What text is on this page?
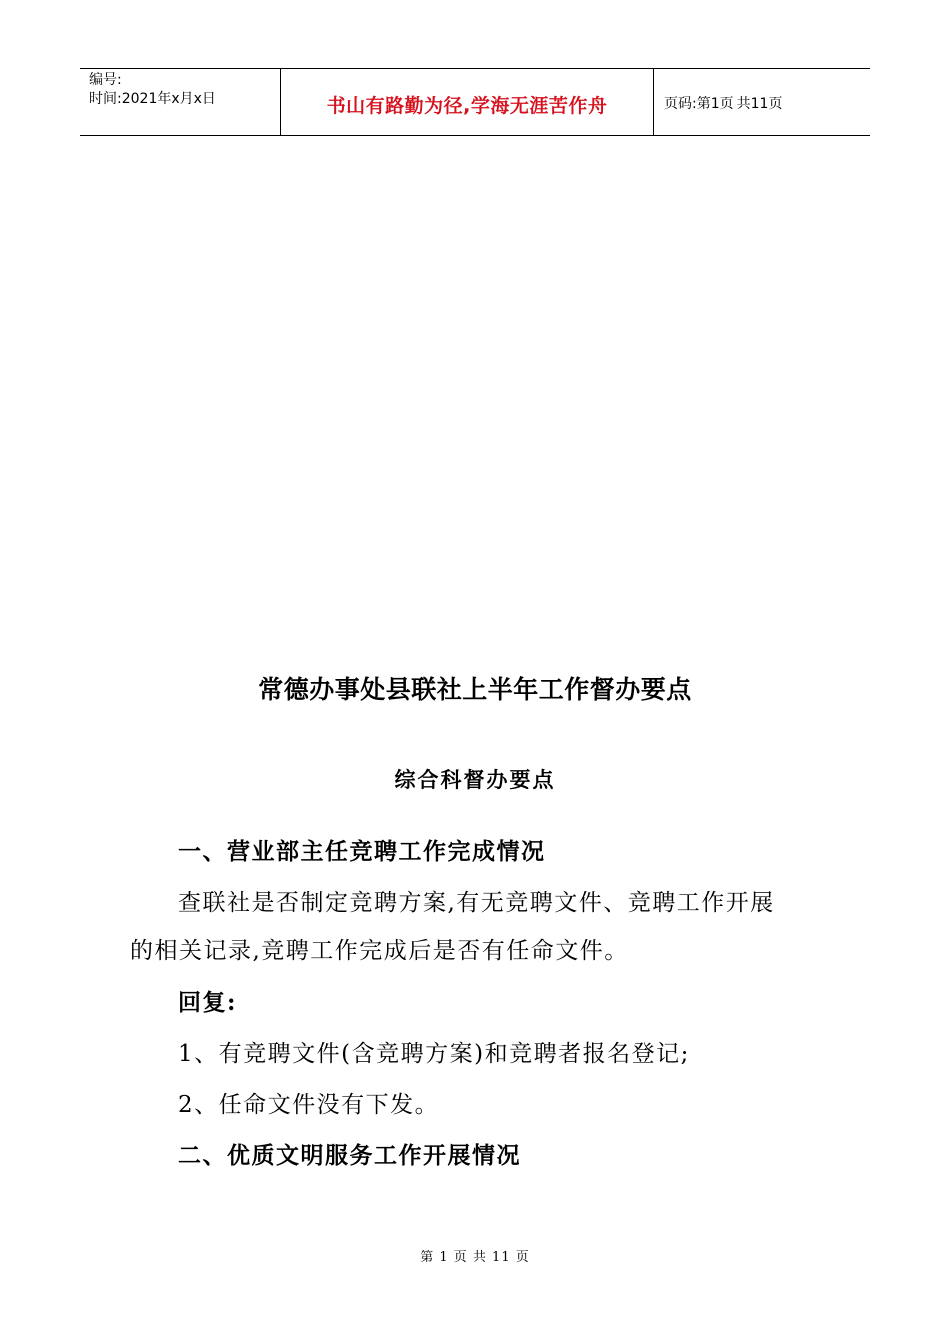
编号:
时间:2021年x月x日	书山有路勤为径,学海无涯苦作舟	页码:第1页 共11页
常德办事处县联社上半年工作督办要点
综合科督办要点
一、营业部主任竞聘工作完成情况
查联社是否制定竞聘方案,有无竞聘文件、竞聘工作开展
的相关记录,竞聘工作完成后是否有任命文件。
回复:
1、有竞聘文件(含竞聘方案)和竞聘者报名登记;
2、任命文件没有下发。
二、优质文明服务工作开展情况
第 1 页 共 11 页
